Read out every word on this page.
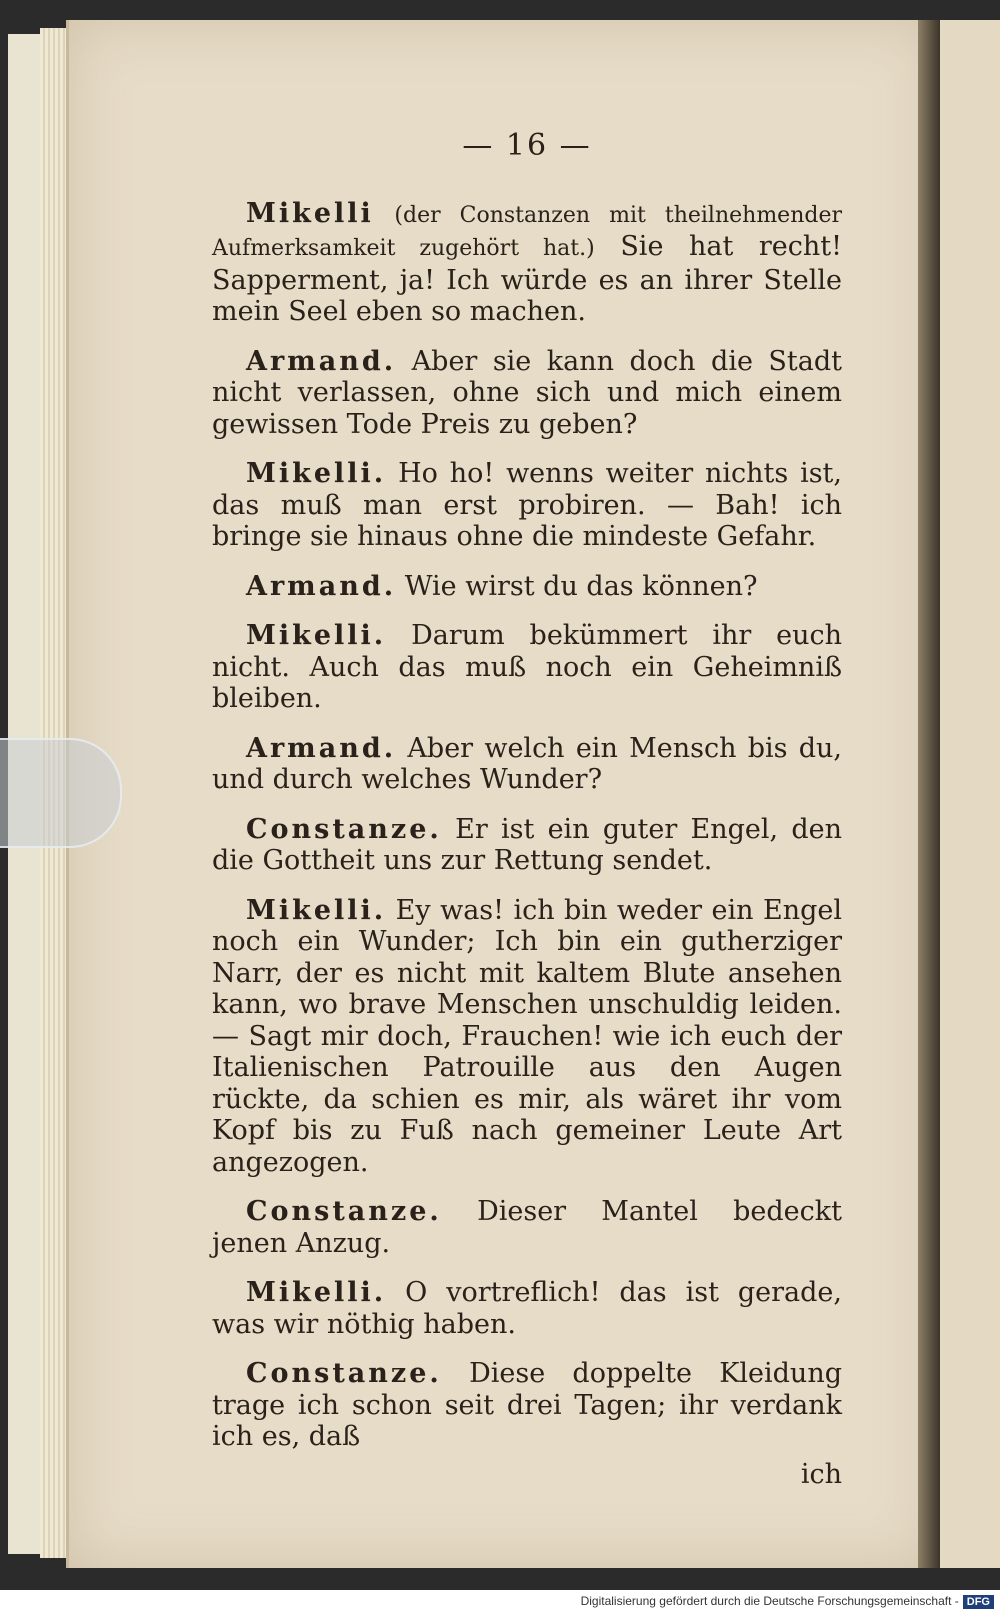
— 16 —
Mikelli (der Constanzen mit theilnehmender Aufmerksamkeit zugehört hat.) Sie hat recht! Sapperment, ja! Ich würde es an ihrer Stelle mein Seel eben so machen.
Armand. Aber sie kann doch die Stadt nicht verlassen, ohne sich und mich einem gewissen Tode Preis zu geben?
Mikelli. Ho ho! wenns weiter nichts ist, das muß man erst probiren. — Bah! ich bringe sie hinaus ohne die mindeste Gefahr.
Armand. Wie wirst du das können?
Mikelli. Darum bekümmert ihr euch nicht. Auch das muß noch ein Geheimniß bleiben.
Armand. Aber welch ein Mensch bis du, und durch welches Wunder?
Constanze. Er ist ein guter Engel, den die Gottheit uns zur Rettung sendet.
Mikelli. Ey was! ich bin weder ein Engel noch ein Wunder; Ich bin ein gutherziger Narr, der es nicht mit kaltem Blute ansehen kann, wo brave Menschen unschuldig leiden. — Sagt mir doch, Frauchen! wie ich euch der Italienischen Patrouille aus den Augen rückte, da schien es mir, als wäret ihr vom Kopf bis zu Fuß nach gemeiner Leute Art angezogen.
Constanze. Dieser Mantel bedeckt jenen Anzug.
Mikelli. O vortreflich! das ist gerade, was wir nöthig haben.
Constanze. Diese doppelte Kleidung trage ich schon seit drei Tagen; ihr verdank ich es, daß
ich
Digitalisierung gefördert durch die Deutsche Forschungsgemeinschaft - DFG
